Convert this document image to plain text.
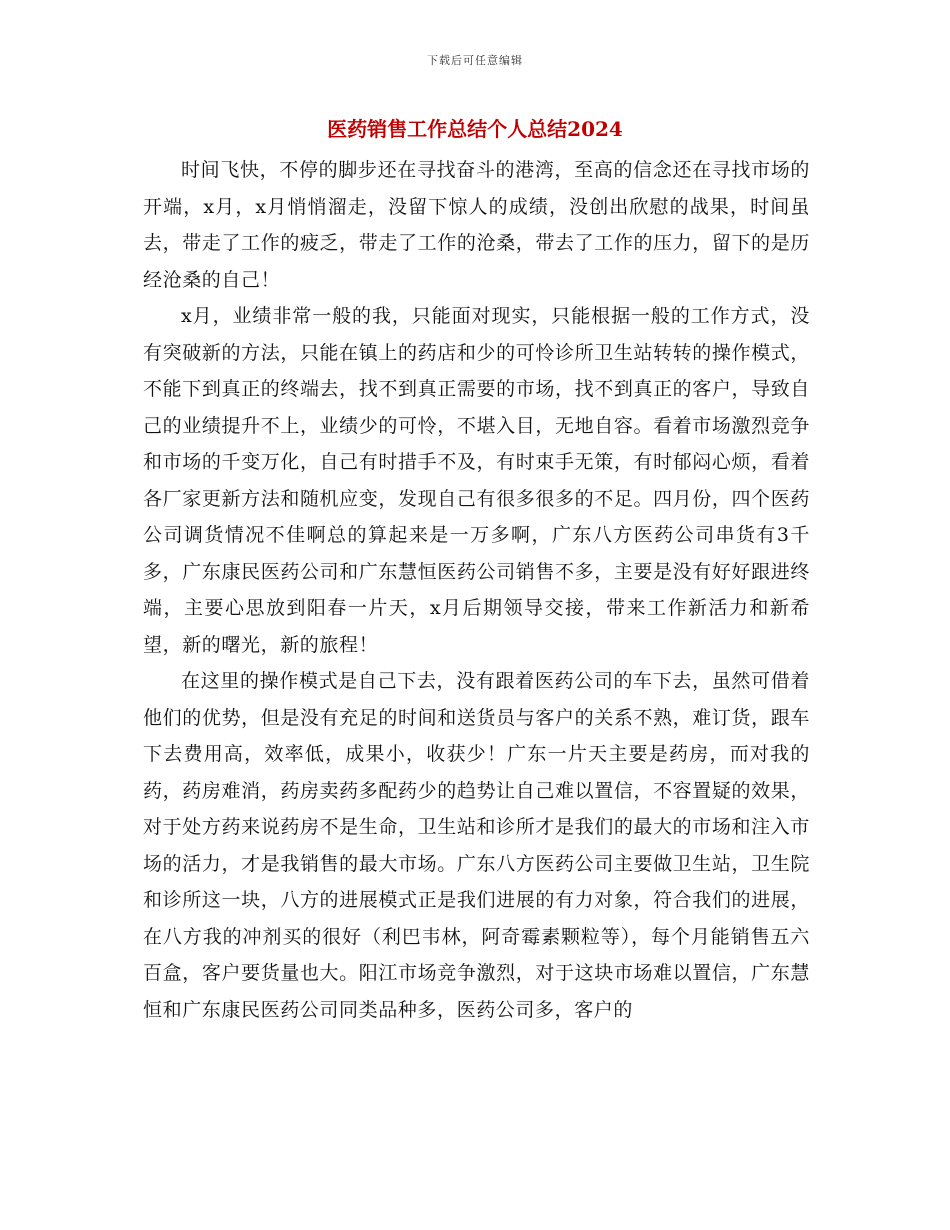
下载后可任意编辑
医药销售工作总结个人总结2024

时间飞快，不停的脚步还在寻找奋斗的港湾，至高的信念还在寻找市场的开端，x月，x月悄悄溜走，没留下惊人的成绩，没创出欣慰的战果，时间虽去，带走了工作的疲乏，带走了工作的沧桑，带去了工作的压力，留下的是历经沧桑的自己！

x月，业绩非常一般的我，只能面对现实，只能根据一般的工作方式，没有突破新的方法，只能在镇上的药店和少的可怜诊所卫生站转转的操作模式，不能下到真正的终端去，找不到真正需要的市场，找不到真正的客户，导致自己的业绩提升不上，业绩少的可怜，不堪入目，无地自容。看着市场激烈竞争和市场的千变万化，自己有时措手不及，有时束手无策，有时郁闷心烦，看着各厂家更新方法和随机应变，发现自己有很多很多的不足。四月份，四个医药公司调货情况不佳啊总的算起来是一万多啊，广东八方医药公司串货有3千多，广东康民医药公司和广东慧恒医药公司销售不多，主要是没有好好跟进终端，主要心思放到阳春一片天，x月后期领导交接，带来工作新活力和新希望，新的曙光，新的旅程！

在这里的操作模式是自己下去，没有跟着医药公司的车下去，虽然可借着他们的优势，但是没有充足的时间和送货员与客户的关系不熟，难订货，跟车下去费用高，效率低，成果小，收获少！广东一片天主要是药房，而对我的药，药房难消，药房卖药多配药少的趋势让自己难以置信，不容置疑的效果，对于处方药来说药房不是生命，卫生站和诊所才是我们的最大的市场和注入市场的活力，才是我销售的最大市场。广东八方医药公司主要做卫生站，卫生院和诊所这一块，八方的进展模式正是我们进展的有力对象，符合我们的进展，在八方我的冲剂买的很好（利巴韦林，阿奇霉素颗粒等），每个月能销售五六百盒，客户要货量也大。阳江市场竞争激烈，对于这块市场难以置信，广东慧恒和广东康民医药公司同类品种多，医药公司多，客户的
